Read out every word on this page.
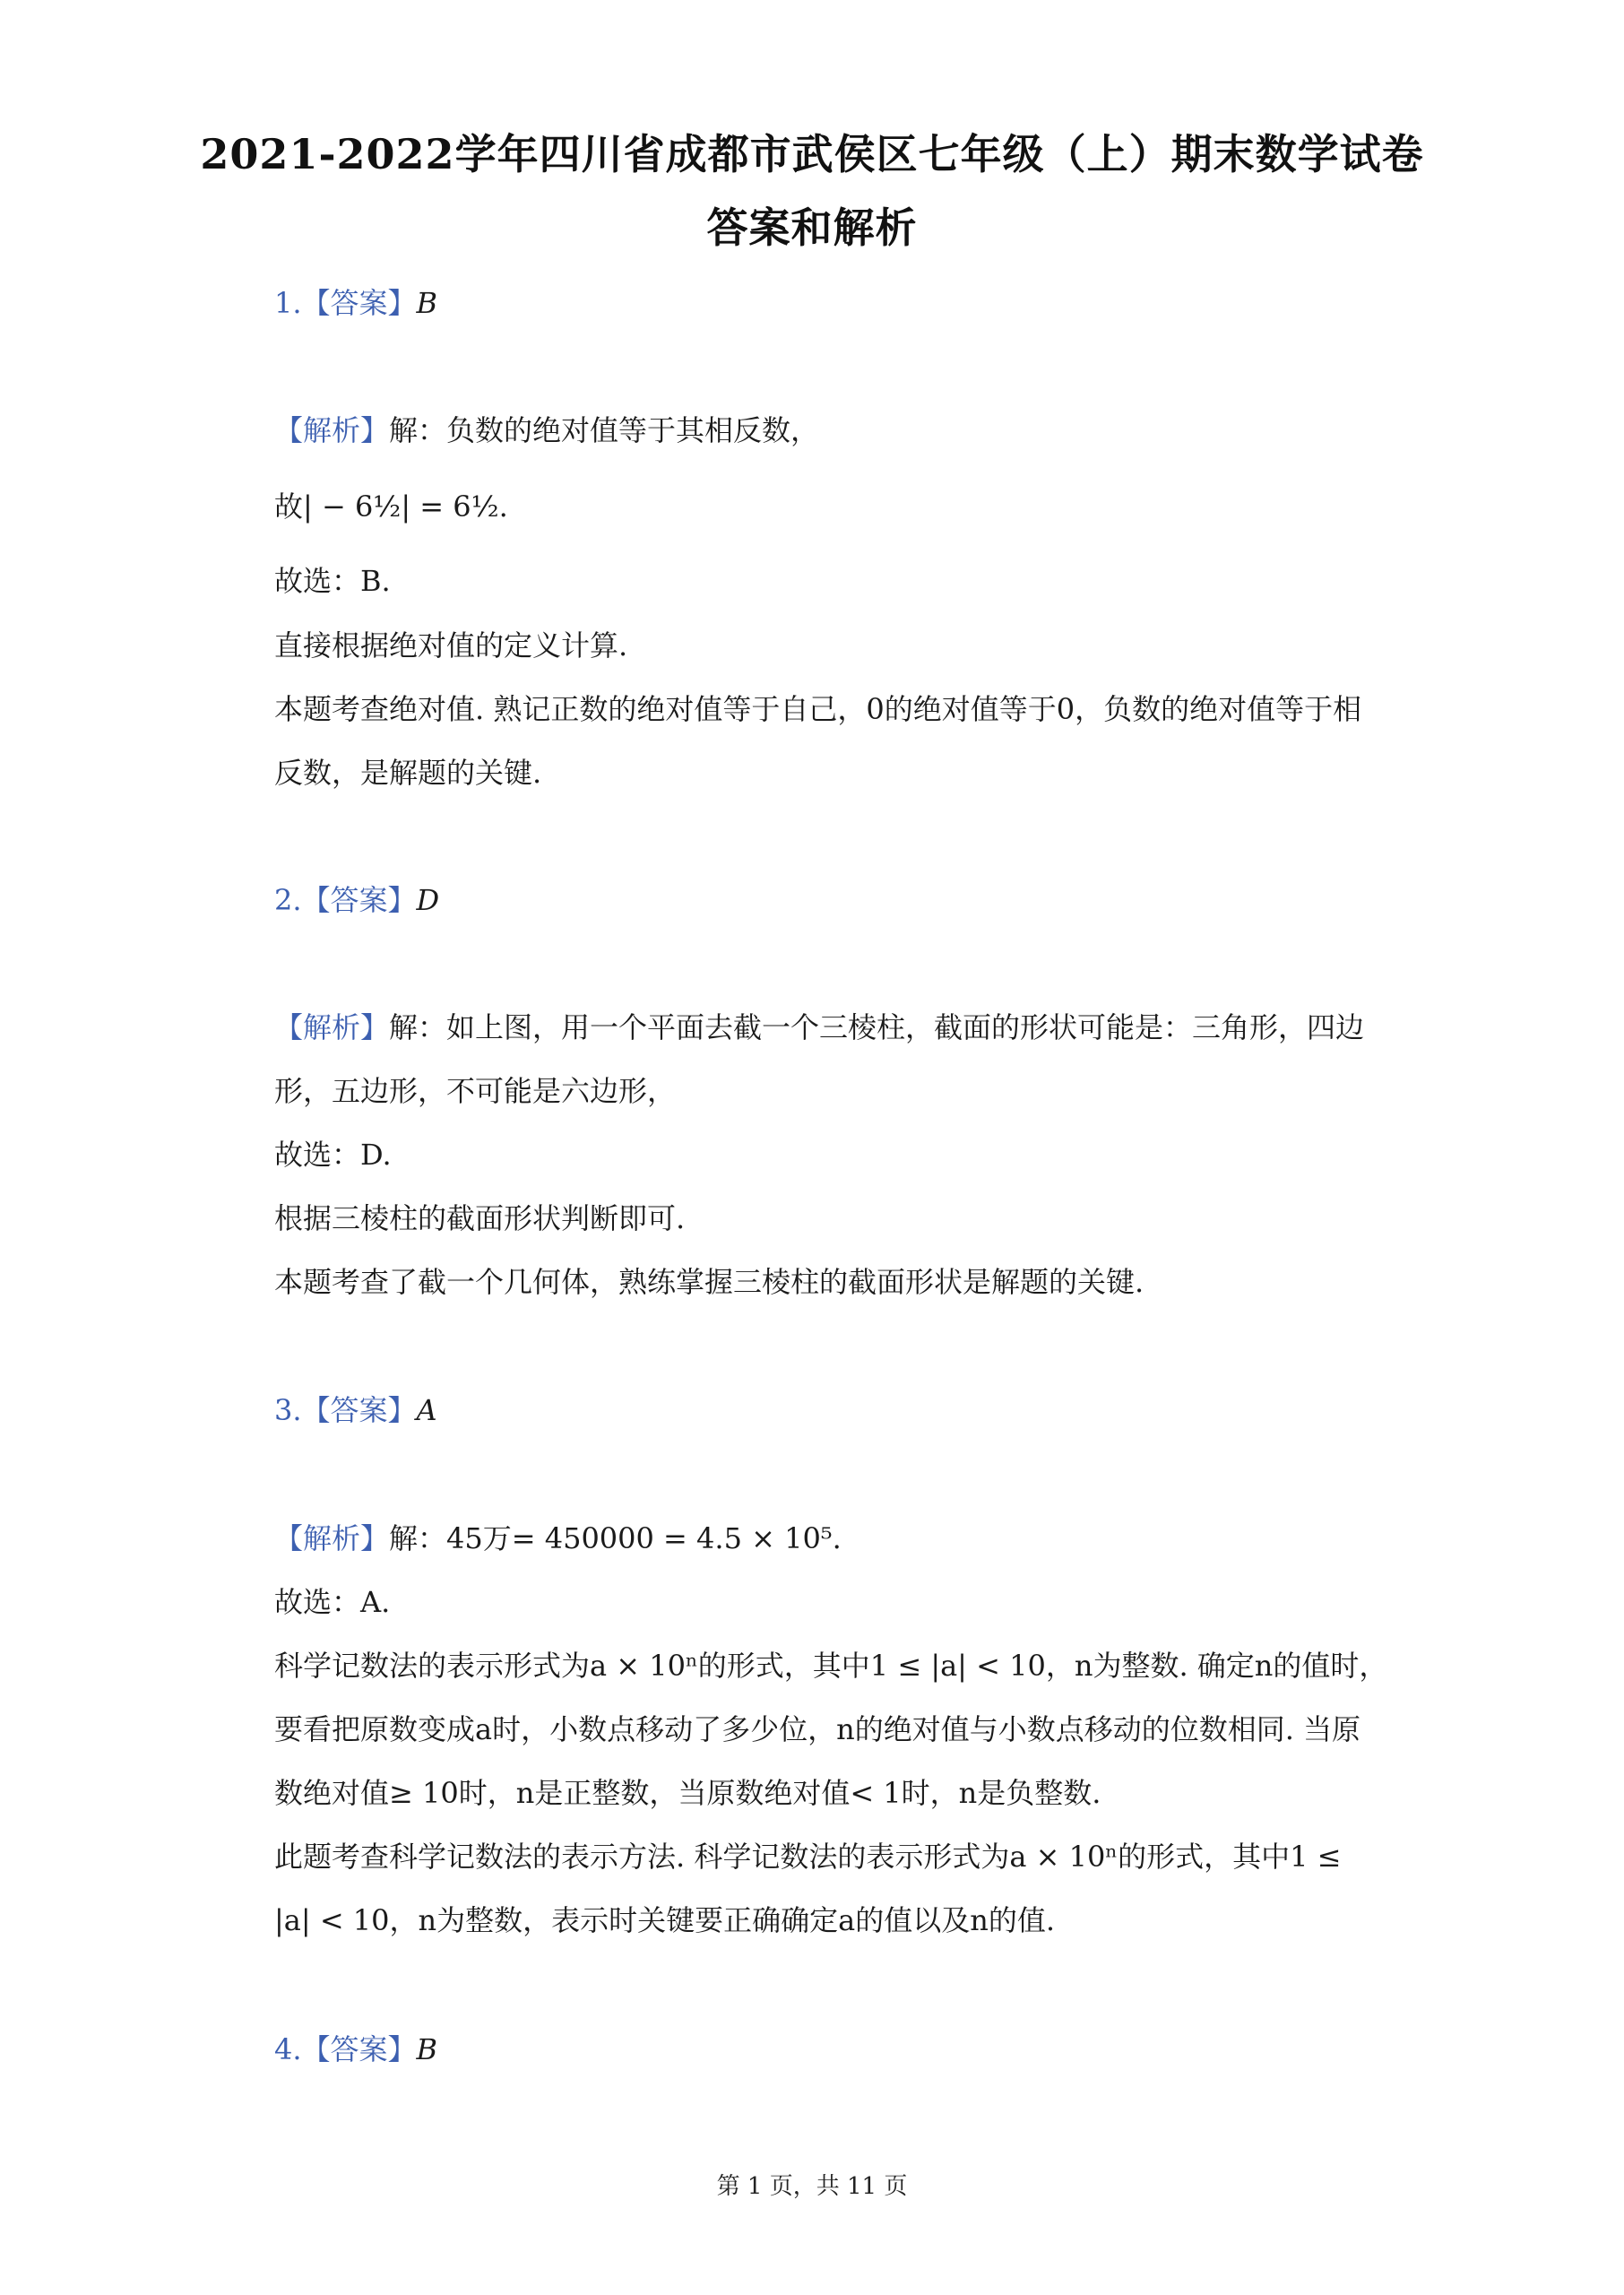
2021-2022学年四川省成都市武侯区七年级（上）期末数学试卷
答案和解析
1.【答案】B
【解析】解：负数的绝对值等于其相反数，
故| − 6½| = 6½.
故选：B.
直接根据绝对值的定义计算.
本题考查绝对值. 熟记正数的绝对值等于自己，0的绝对值等于0，负数的绝对值等于相
反数，是解题的关键.
2.【答案】D
【解析】解：如上图，用一个平面去截一个三棱柱，截面的形状可能是：三角形，四边
形，五边形，不可能是六边形，
故选：D.
根据三棱柱的截面形状判断即可.
本题考查了截一个几何体，熟练掌握三棱柱的截面形状是解题的关键.
3.【答案】A
【解析】解：45万= 450000 = 4.5 × 10⁵.
故选：A.
科学记数法的表示形式为a × 10ⁿ的形式，其中1 ≤ |a| < 10，n为整数. 确定n的值时，
要看把原数变成a时，小数点移动了多少位，n的绝对值与小数点移动的位数相同. 当原
数绝对值≥ 10时，n是正整数，当原数绝对值< 1时，n是负整数.
此题考查科学记数法的表示方法. 科学记数法的表示形式为a × 10ⁿ的形式，其中1 ≤
|a| < 10，n为整数，表示时关键要正确确定a的值以及n的值.
4.【答案】B
第 1 页，共 11 页
